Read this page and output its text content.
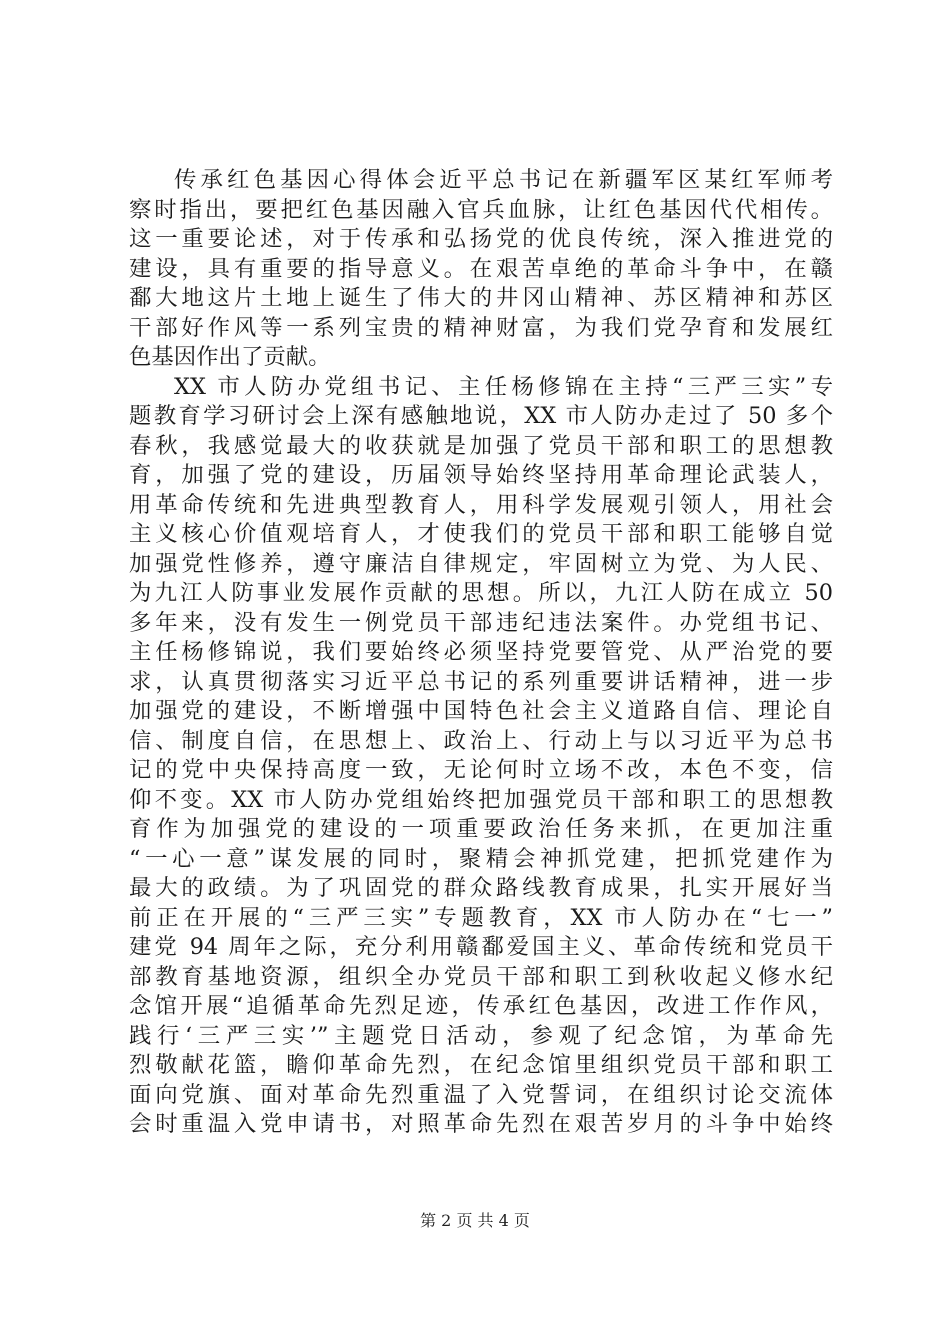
传承红色基因心得体会近平总书记在新疆军区某红军师考
察时指出，要把红色基因融入官兵血脉，让红色基因代代相传。
这一重要论述，对于传承和弘扬党的优良传统，深入推进党的
建设，具有重要的指导意义。在艰苦卓绝的革命斗争中，在赣
鄱大地这片土地上诞生了伟大的井冈山精神、苏区精神和苏区
干部好作风等一系列宝贵的精神财富，为我们党孕育和发展红
色基因作出了贡献。
XX 市人防办党组书记、主任杨修锦在主持“三严三实”专
题教育学习研讨会上深有感触地说，XX 市人防办走过了 50 多个
春秋，我感觉最大的收获就是加强了党员干部和职工的思想教
育，加强了党的建设，历届领导始终坚持用革命理论武装人，
用革命传统和先进典型教育人，用科学发展观引领人，用社会
主义核心价值观培育人，才使我们的党员干部和职工能够自觉
加强党性修养，遵守廉洁自律规定，牢固树立为党、为人民、
为九江人防事业发展作贡献的思想。所以，九江人防在成立 50
多年来，没有发生一例党员干部违纪违法案件。办党组书记、
主任杨修锦说，我们要始终必须坚持党要管党、从严治党的要
求，认真贯彻落实习近平总书记的系列重要讲话精神，进一步
加强党的建设，不断增强中国特色社会主义道路自信、理论自
信、制度自信，在思想上、政治上、行动上与以习近平为总书
记的党中央保持高度一致，无论何时立场不改，本色不变，信
仰不变。XX 市人防办党组始终把加强党员干部和职工的思想教
育作为加强党的建设的一项重要政治任务来抓，在更加注重
“一心一意”谋发展的同时，聚精会神抓党建，把抓党建作为
最大的政绩。为了巩固党的群众路线教育成果，扎实开展好当
前正在开展的“三严三实”专题教育，XX 市人防办在“七一”
建党 94 周年之际，充分利用赣鄱爱国主义、革命传统和党员干
部教育基地资源，组织全办党员干部和职工到秋收起义修水纪
念馆开展“追循革命先烈足迹，传承红色基因，改进工作作风，
践行‘三严三实’”主题党日活动，参观了纪念馆，为革命先
烈敬献花篮，瞻仰革命先烈，在纪念馆里组织党员干部和职工
面向党旗、面对革命先烈重温了入党誓词，在组织讨论交流体
会时重温入党申请书，对照革命先烈在艰苦岁月的斗争中始终
第 2 页 共 4 页
